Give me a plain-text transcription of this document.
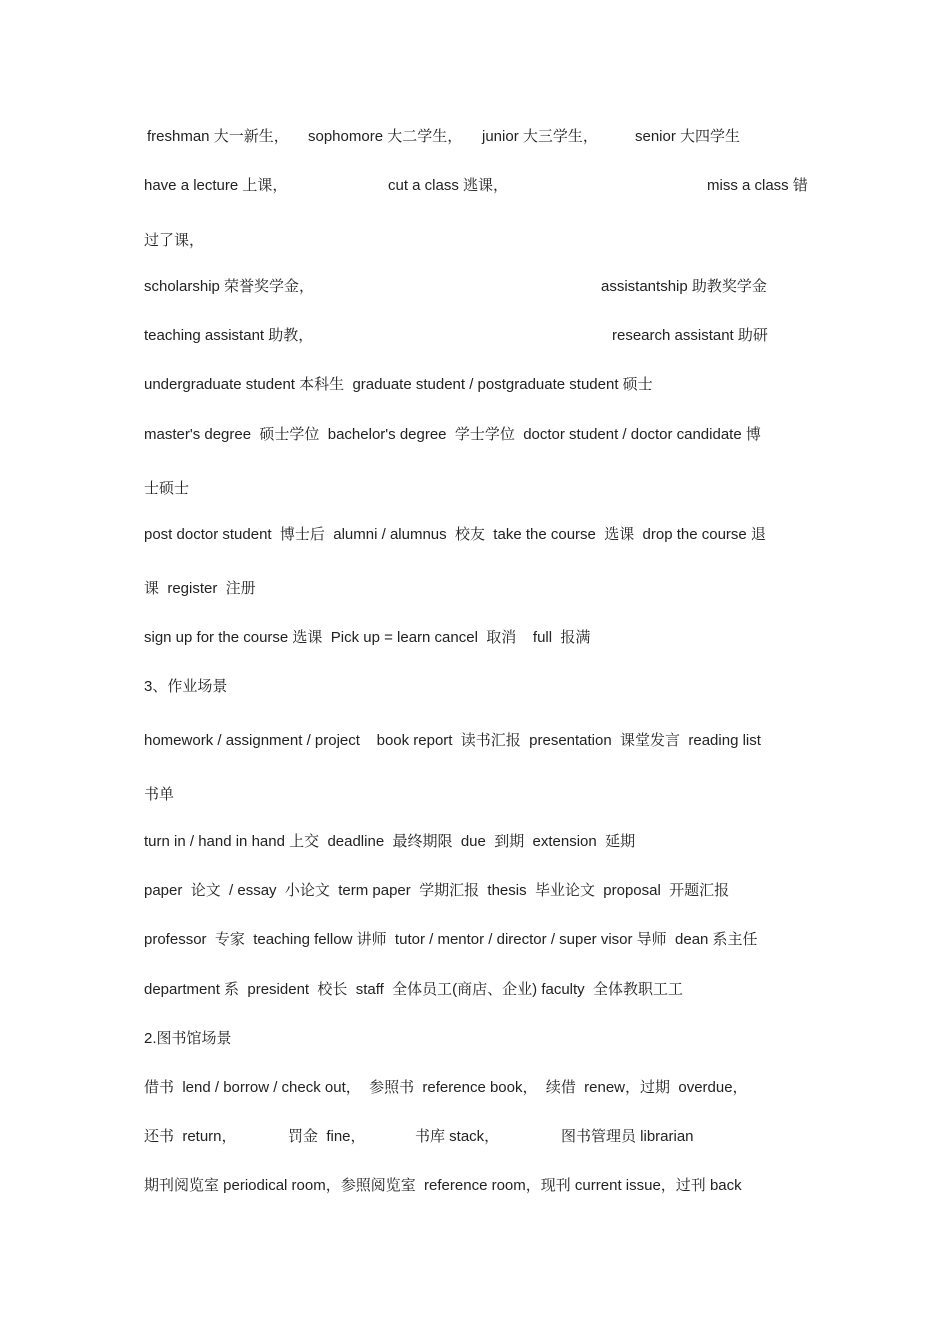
freshman 大一新生，

sophomore 大二学生，

junior 大三学生，

senior 大四学生

have a lecture 上课，

	cut a class 逃课，

	miss a class 错

过了课，

scholarship 荣誉奖学金，

	assistantship 助教奖学金

teaching assistant 助教，

	research assistant 助研

undergraduate student 本科生  graduate student / postgraduate student 硕士

master's degree  硕士学位  bachelor's degree  学士学位  doctor student / doctor candidate 博

士硕士

post doctor student  博士后  alumni / alumnus  校友  take the course  选课  drop the course 退

课  register  注册

sign up for the course 选课  Pick up = learn cancel  取消    full  报满

3、作业场景

homework / assignment / project    book report  读书汇报  presentation  课堂发言  reading list

书单

turn in / hand in hand 上交  deadline  最终期限  due  到期  extension  延期

paper  论文  / essay  小论文  term paper  学期汇报  thesis  毕业论文  proposal  开题汇报

professor  专家  teaching fellow 讲师  tutor / mentor / director / super visor 导师  dean 系主任

department 系  president  校长  staff  全体员工(商店、企业) faculty  全体教职工工

2.图书馆场景

借书  lend / borrow / check out，  参照书  reference book，  续借  renew，过期  overdue，

还书  return，

	罚金  fine，

	书库 stack，

	图书管理员 librarian

期刊阅览室 periodical room，参照阅览室  reference room，现刊 current issue，过刊 back
